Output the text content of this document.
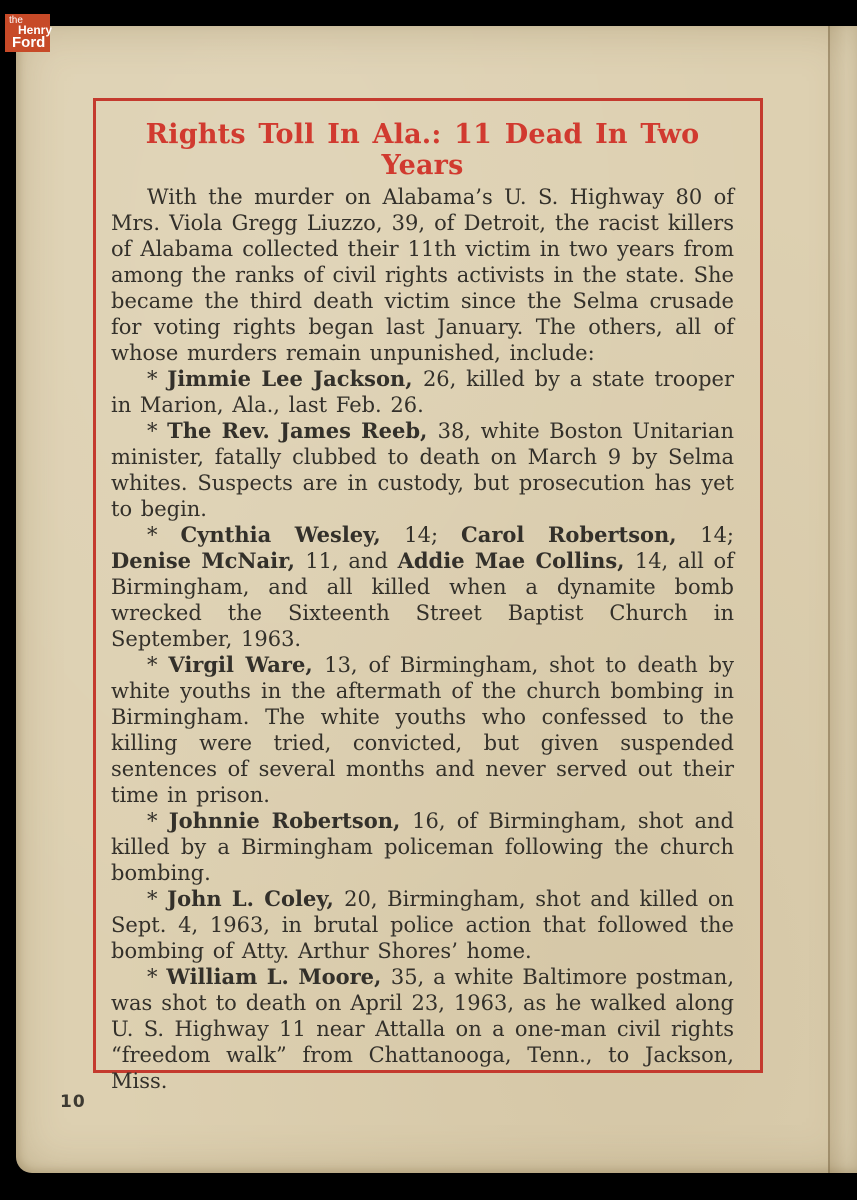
Rights Toll In Ala.: 11 Dead In Two Years

With the murder on Alabama’s U. S. Highway 80 of Mrs. Viola Gregg Liuzzo, 39, of Detroit, the racist killers of Alabama collected their 11th victim in two years from among the ranks of civil rights activists in the state. She became the third death victim since the Selma crusade for voting rights began last January. The others, all of whose murders remain unpunished, include:

* Jimmie Lee Jackson, 26, killed by a state trooper in Marion, Ala., last Feb. 26.

* The Rev. James Reeb, 38, white Boston Unitarian minister, fatally clubbed to death on March 9 by Selma whites. Suspects are in custody, but prosecution has yet to begin.

* Cynthia Wesley, 14; Carol Robertson, 14; Denise McNair, 11, and Addie Mae Collins, 14, all of Birmingham, and all killed when a dynamite bomb wrecked the Sixteenth Street Baptist Church in September, 1963.

* Virgil Ware, 13, of Birmingham, shot to death by white youths in the aftermath of the church bombing in Birmingham. The white youths who confessed to the killing were tried, convicted, but given suspended sentences of several months and never served out their time in prison.

* Johnnie Robertson, 16, of Birmingham, shot and killed by a Birmingham policeman following the church bombing.

* John L. Coley, 20, Birmingham, shot and killed on Sept. 4, 1963, in brutal police action that followed the bombing of Atty. Arthur Shores’ home.

* William L. Moore, 35, a white Baltimore postman, was shot to death on April 23, 1963, as he walked along U. S. Highway 11 near Attalla on a one-man civil rights “freedom walk” from Chattanooga, Tenn., to Jackson, Miss.

10
the
Henry
Ford
